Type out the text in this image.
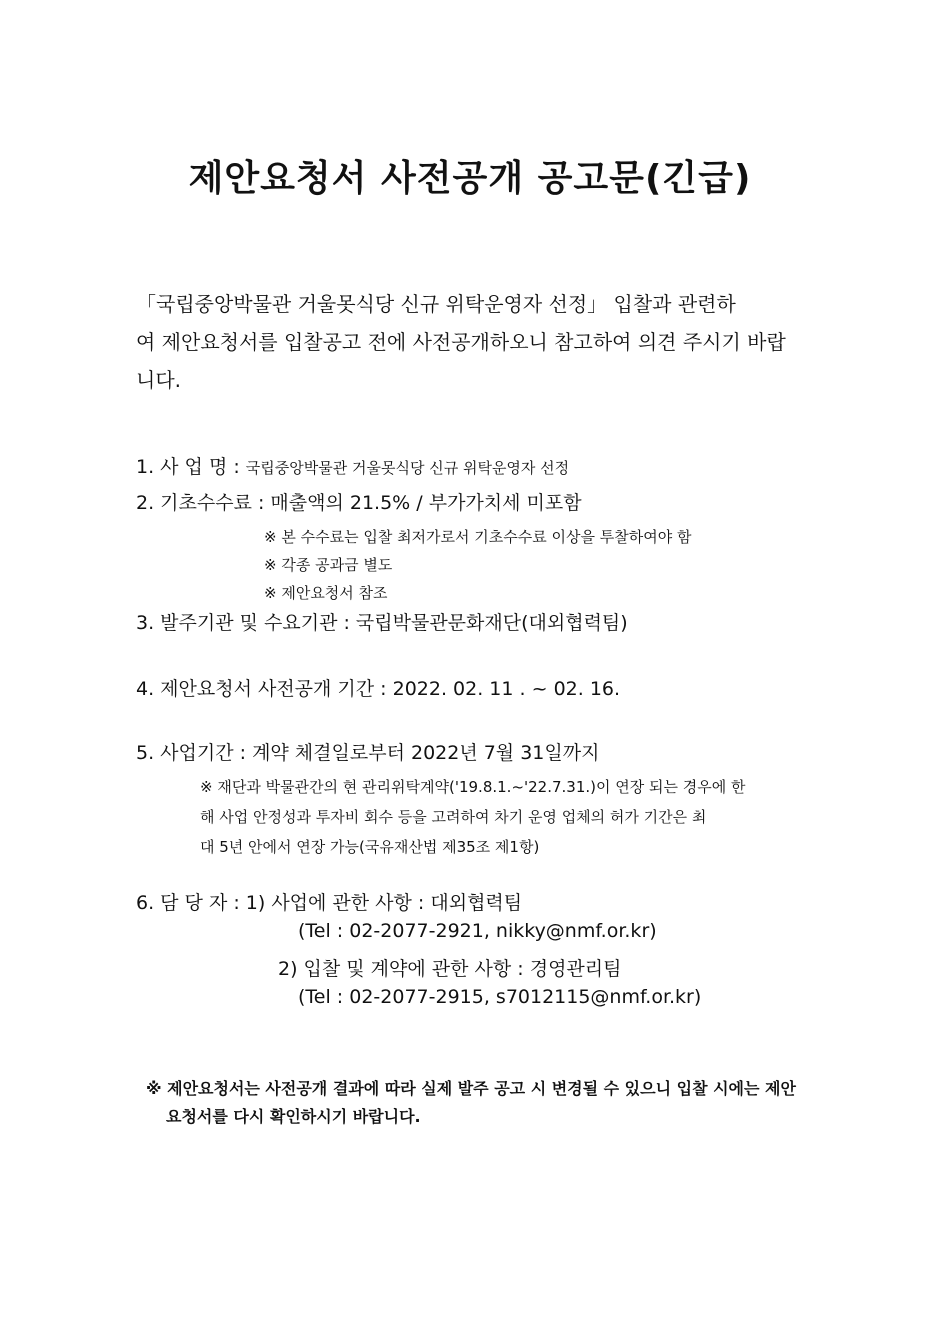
제안요청서 사전공개 공고문(긴급)
「국립중앙박물관 거울못식당 신규 위탁운영자 선정」 입찰과 관련하
여 제안요청서를 입찰공고 전에 사전공개하오니 참고하여 의견 주시기 바랍
니다.
1. 사 업 명 : 국립중앙박물관 거울못식당 신규 위탁운영자 선정
2. 기초수수료 : 매출액의 21.5% / 부가가치세 미포함
※ 본 수수료는 입찰 최저가로서 기초수수료 이상을 투찰하여야 함
※ 각종 공과금 별도
※ 제안요청서 참조
3. 발주기관 및 수요기관 : 국립박물관문화재단(대외협력팀)
4. 제안요청서 사전공개 기간 : 2022. 02. 11 . ~ 02. 16.
5. 사업기간 : 계약 체결일로부터 2022년 7월 31일까지
※ 재단과 박물관간의 현 관리위탁계약('19.8.1.~'22.7.31.)이 연장 되는 경우에 한
해 사업 안정성과 투자비 회수 등을 고려하여 차기 운영 업체의 허가 기간은 최
대 5년 안에서 연장 가능(국유재산법 제35조 제1항)
6. 담 당 자 : 1) 사업에 관한 사항 : 대외협력팀
(Tel : 02-2077-2921, nikky@nmf.or.kr)
2) 입찰 및 계약에 관한 사항 : 경영관리팀
(Tel : 02-2077-2915, s7012115@nmf.or.kr)
※ 제안요청서는 사전공개 결과에 따라 실제 발주 공고 시 변경될 수 있으니 입찰 시에는 제안
요청서를 다시 확인하시기 바랍니다.
